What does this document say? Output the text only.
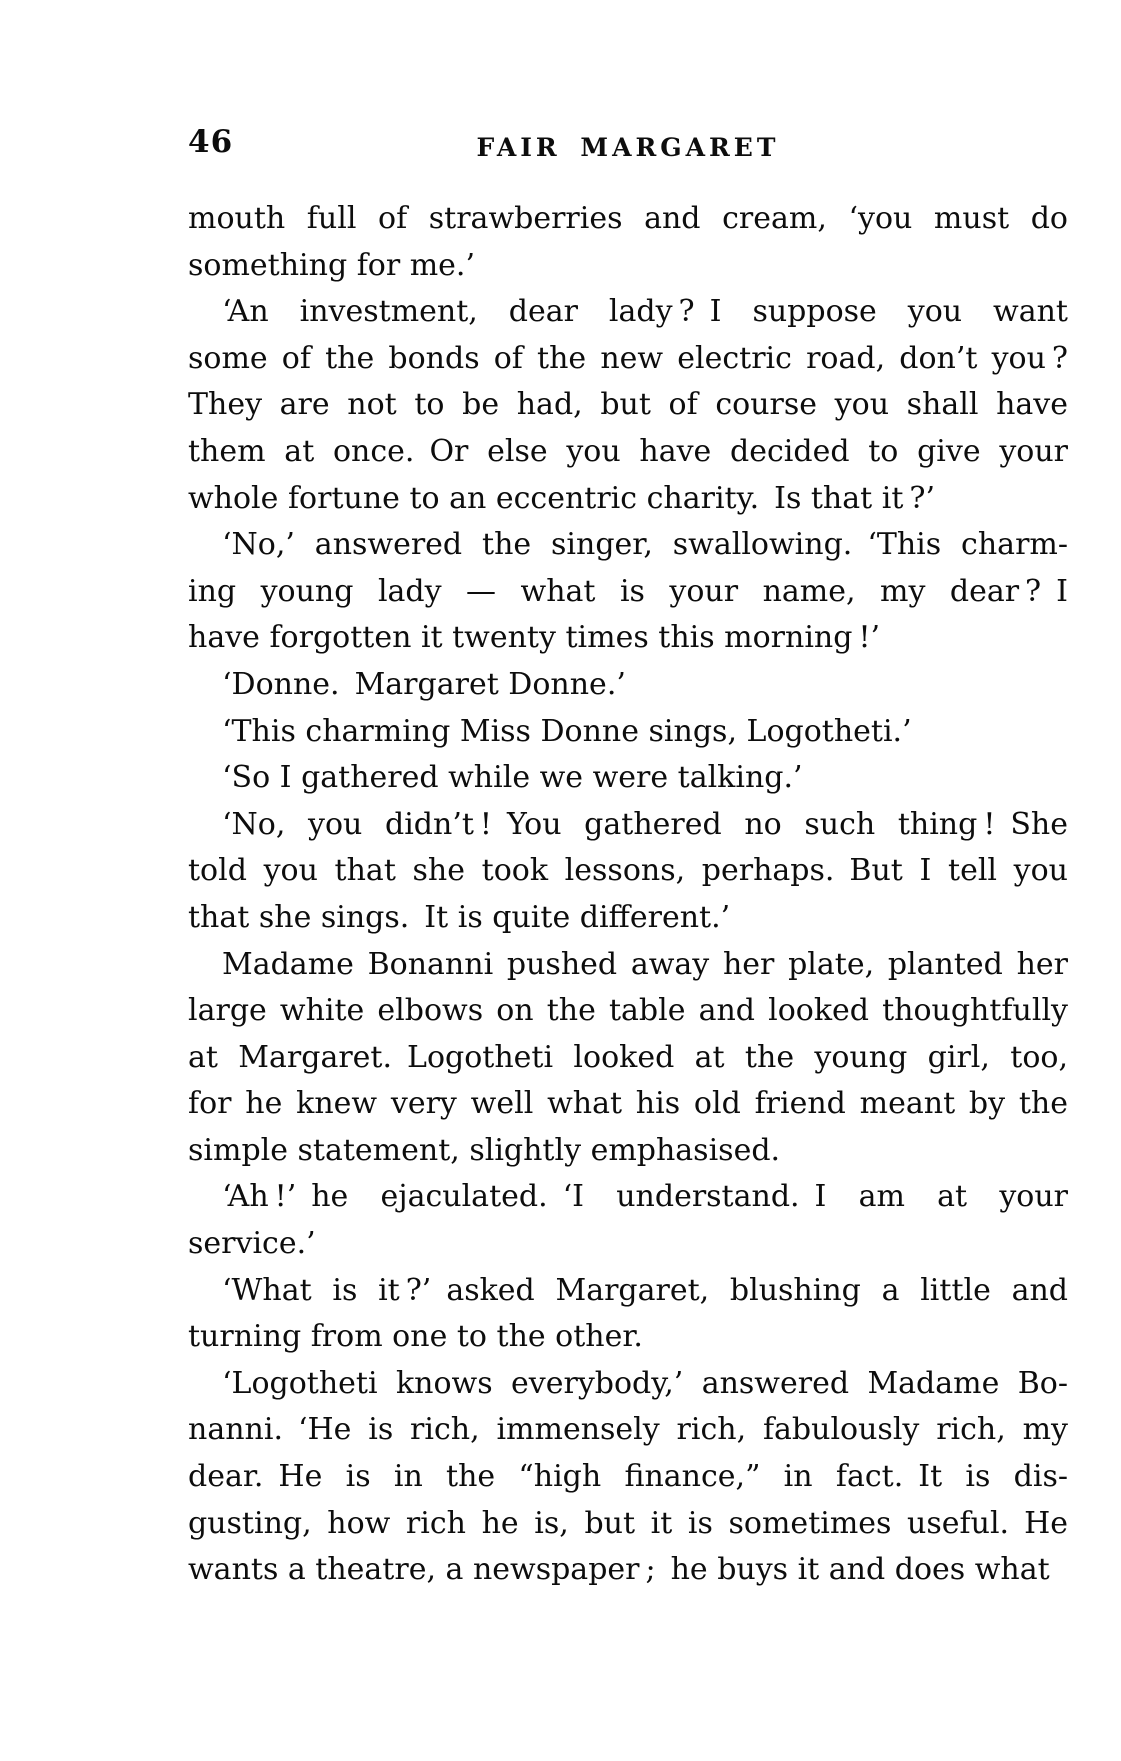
46	FAIR MARGARET
mouth full of strawberries and cream, ‘you must do
something for me.’
‘An investment, dear lady ? I suppose you want
some of the bonds of the new electric road, don’t you ?
They are not to be had, but of course you shall have
them at once. Or else you have decided to give your
whole fortune to an eccentric charity. Is that it ?’
‘No,’ answered the singer, swallowing. ‘This charm-
ing young lady — what is your name, my dear ? I
have forgotten it twenty times this morning !’
‘Donne. Margaret Donne.’
‘This charming Miss Donne sings, Logotheti.’
‘So I gathered while we were talking.’
‘No, you didn’t ! You gathered no such thing ! She
told you that she took lessons, perhaps. But I tell you
that she sings. It is quite different.’
Madame Bonanni pushed away her plate, planted her
large white elbows on the table and looked thoughtfully
at Margaret. Logotheti looked at the young girl, too,
for he knew very well what his old friend meant by the
simple statement, slightly emphasised.
‘Ah !’ he ejaculated. ‘I understand. I am at your
service.’
‘What is it ?’ asked Margaret, blushing a little and
turning from one to the other.
‘Logotheti knows everybody,’ answered Madame Bo-
nanni. ‘He is rich, immensely rich, fabulously rich, my
dear. He is in the “high finance,” in fact. It is dis-
gusting, how rich he is, but it is sometimes useful. He
wants a theatre, a newspaper ; he buys it and does what
